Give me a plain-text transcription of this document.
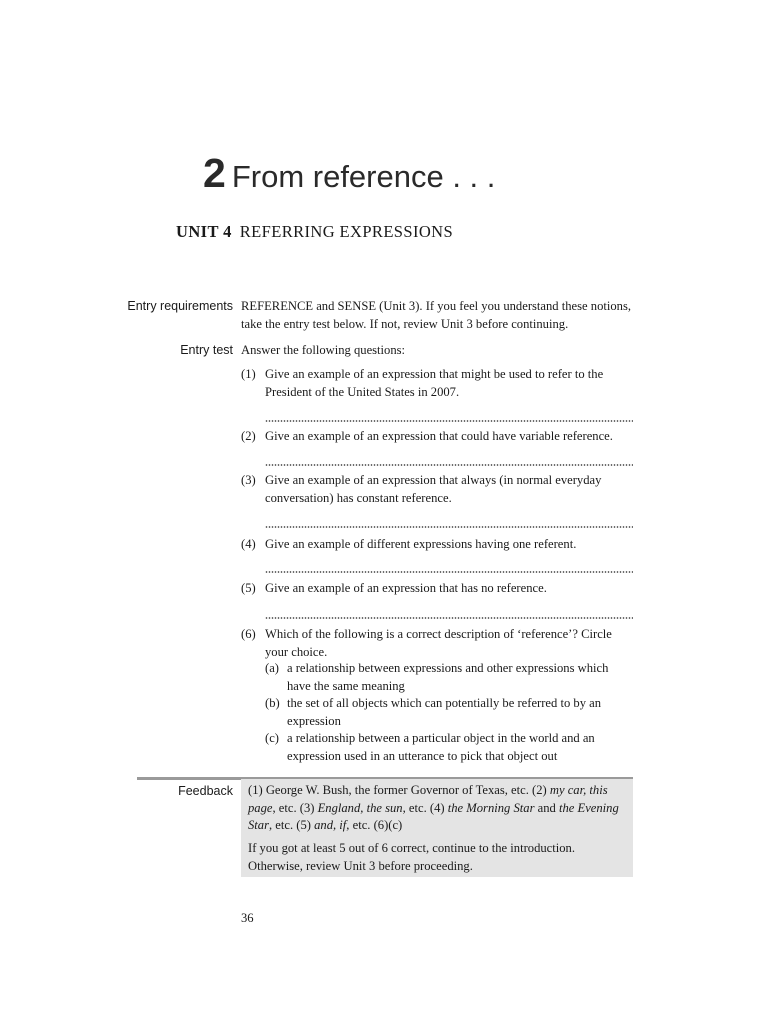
2 From reference . . .
UNIT 4 REFERRING EXPRESSIONS
Entry requirements REFERENCE and SENSE (Unit 3). If you feel you understand these notions,
take the entry test below. If not, review Unit 3 before continuing.
Entry test Answer the following questions:
(1) Give an example of an expression that might be used to refer to the
President of the United States in 2007.
(2) Give an example of an expression that could have variable reference.
(3) Give an example of an expression that always (in normal everyday
conversation) has constant reference.
(4) Give an example of different expressions having one referent.
(5) Give an example of an expression that has no reference.
(6) Which of the following is a correct description of ‘reference’? Circle
your choice.
(a) a relationship between expressions and other expressions which
have the same meaning
(b) the set of all objects which can potentially be referred to by an
expression
(c) a relationship between a particular object in the world and an
expression used in an utterance to pick that object out
Feedback (1) George W. Bush, the former Governor of Texas, etc. (2) my car, this
page, etc. (3) England, the sun, etc. (4) the Morning Star and the Evening
Star, etc. (5) and, if, etc. (6)(c)
If you got at least 5 out of 6 correct, continue to the introduction.
Otherwise, review Unit 3 before proceeding.
36
